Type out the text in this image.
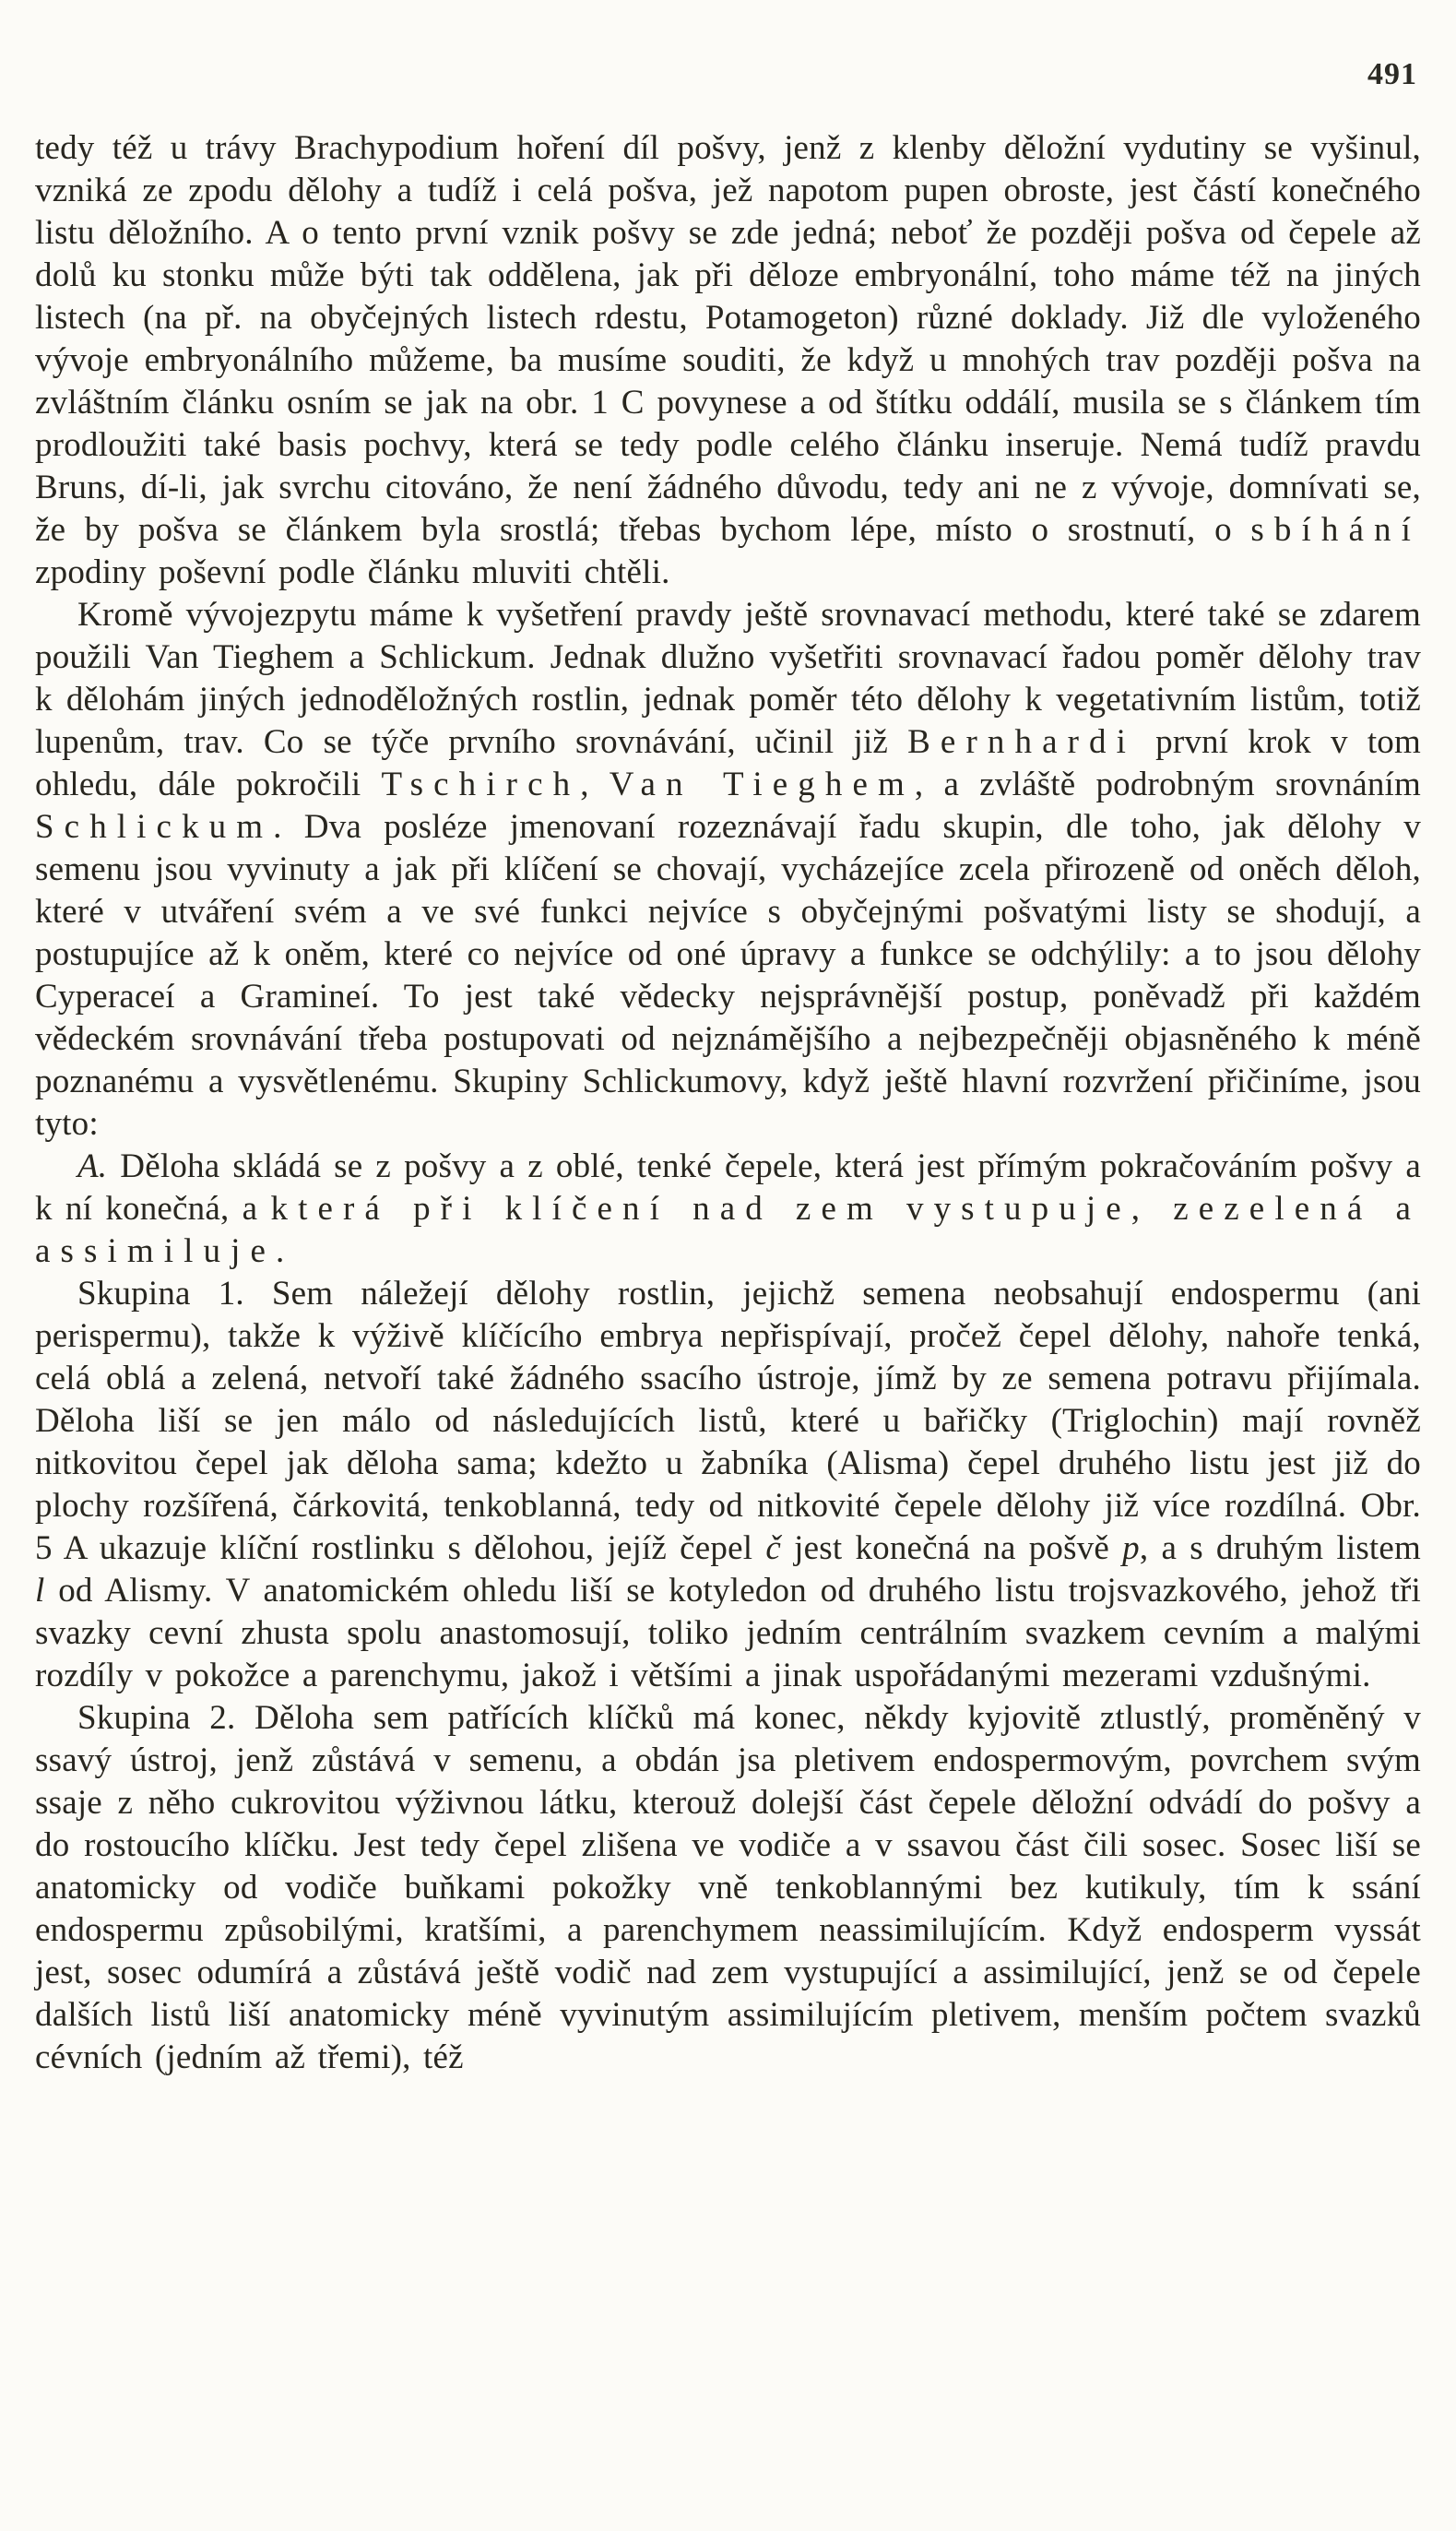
491

tedy též u trávy Brachypodium hoření díl pošvy, jenž z klenby děložní vydutiny se vyšinul, vzniká ze zpodu dělohy a tudíž i celá pošva, jež napotom pupen obroste, jest částí konečného listu děložního. A o tento první vznik pošvy se zde jedná; neboť že později pošva od čepele až dolů ku stonku může býti tak oddělena, jak při děloze embryonální, toho máme též na jiných listech (na př. na obyčejných listech rdestu, Potamogeton) různé doklady. Již dle vyloženého vývoje embryonálního můžeme, ba musíme souditi, že když u mnohých trav později pošva na zvláštním článku osním se jak na obr. 1 C povynese a od štítku oddálí, musila se s článkem tím prodloužiti také basis pochvy, která se tedy podle celého článku inseruje. Nemá tudíž pravdu Bruns, dí-li, jak svrchu citováno, že není žádného důvodu, tedy ani ne z vývoje, domnívati se, že by pošva se článkem byla srostlá; třebas bychom lépe, místo o srostnutí, o sbíhání zpodiny poševní podle článku mluviti chtěli.

Kromě vývojezpytu máme k vyšetření pravdy ještě srovnavací methodu, které také se zdarem použili Van Tieghem a Schlickum. Jednak dlužno vyšetřiti srovnavací řadou poměr dělohy trav k dělohám jiných jednoděložných rostlin, jednak poměr této dělohy k vegetativním listům, totiž lupenům, trav. Co se týče prvního srovnávání, učinil již Bernhardi první krok v tom ohledu, dále pokročili Tschirch, Van Tieghem, a zvláště podrobným srovnáním Schlickum. Dva posléze jmenovaní rozeznávají řadu skupin, dle toho, jak dělohy v semenu jsou vyvinuty a jak při klíčení se chovají, vycházejíce zcela přirozeně od oněch děloh, které v utváření svém a ve své funkci nejvíce s obyčejnými pošvatými listy se shodují, a postupujíce až k oněm, které co nejvíce od oné úpravy a funkce se odchýlily: a to jsou dělohy Cyperaceí a Gramineí. To jest také vědecky nejsprávnější postup, poněvadž při každém vědeckém srovnávání třeba postupovati od nejznámějšího a nejbezpečněji objasněného k méně poznanému a vysvětlenému. Skupiny Schlickumovy, když ještě hlavní rozvržení přičiníme, jsou tyto:

A. Děloha skládá se z pošvy a z oblé, tenké čepele, která jest přímým pokračováním pošvy a k ní konečná, a která při klíčení nad zem vystupuje, zezelená a assimiluje.

Skupina 1. Sem náležejí dělohy rostlin, jejichž semena neobsahují endospermu (ani perispermu), takže k výživě klíčícího embrya nepřispívají, pročež čepel dělohy, nahoře tenká, celá oblá a zelená, netvoří také žádného ssacího ústroje, jímž by ze semena potravu přijímala. Děloha liší se jen málo od následujících listů, které u bařičky (Triglochin) mají rovněž nitkovitou čepel jak děloha sama; kdežto u žabníka (Alisma) čepel druhého listu jest již do plochy rozšířená, čárkovitá, tenkoblanná, tedy od nitkovité čepele dělohy již více rozdílná. Obr. 5 A ukazuje klíční rostlinku s dělohou, jejíž čepel č jest konečná na pošvě p, a s druhým listem l od Alismy. V anatomickém ohledu liší se kotyledon od druhého listu trojsvazkového, jehož tři svazky cevní zhusta spolu anastomosují, toliko jedním centrálním svazkem cevním a malými rozdíly v pokožce a parenchymu, jakož i většími a jinak uspořádanými mezerami vzdušnými.

Skupina 2. Děloha sem patřících klíčků má konec, někdy kyjovitě ztlustlý, proměněný v ssavý ústroj, jenž zůstává v semenu, a obdán jsa pletivem endospermovým, povrchem svým ssaje z něho cukrovitou výživnou látku, kterouž dolejší část čepele děložní odvádí do pošvy a do rostoucího klíčku. Jest tedy čepel zlišena ve vodiče a v ssavou část čili sosec. Sosec liší se anatomicky od vodiče buňkami pokožky vně tenkoblannými bez kutikuly, tím k ssání endospermu způsobilými, kratšími, a parenchymem neassimilujícím. Když endosperm vyssát jest, sosec odumírá a zůstává ještě vodič nad zem vystupující a assimilující, jenž se od čepele dalších listů liší anatomicky méně vyvinutým assimilujícím pletivem, menším počtem svazků cévních (jedním až třemi), též
